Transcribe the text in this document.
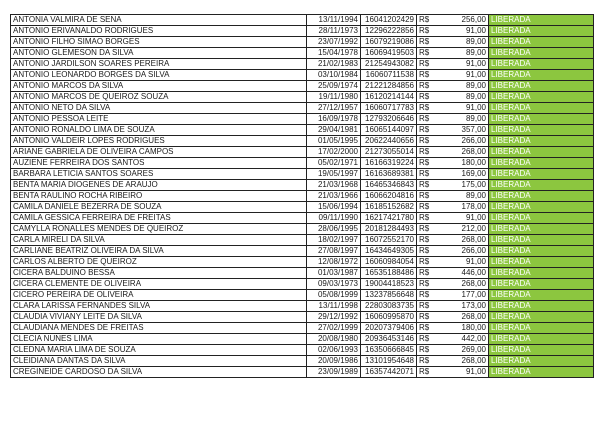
ANTONIA VALMIRA DE SENA	13/11/1994	16041202429	R$	256,00	LIBERADA
ANTONIO ERIVANALDO RODRIGUES	28/11/1973	12296222856	R$	91,00	LIBERADA
ANTONIO FILHO SIMAO BORGES	23/07/1992	16079219086	R$	89,00	LIBERADA
ANTONIO GLEMESON DA SILVA	15/04/1978	16069419503	R$	89,00	LIBERADA
ANTONIO JARDILSON SOARES PEREIRA	21/02/1983	21254943082	R$	91,00	LIBERADA
ANTONIO LEONARDO BORGES DA SILVA	03/10/1984	16060711538	R$	91,00	LIBERADA
ANTONIO MARCOS DA SILVA	25/09/1974	21221284856	R$	89,00	LIBERADA
ANTONIO MARCOS DE QUEIROZ SOUZA	19/11/1980	16120214144	R$	89,00	LIBERADA
ANTONIO NETO DA SILVA	27/12/1957	16060717783	R$	91,00	LIBERADA
ANTONIO PESSOA LEITE	16/09/1978	12793206646	R$	89,00	LIBERADA
ANTONIO RONALDO LIMA DE SOUZA	29/04/1981	16065144097	R$	357,00	LIBERADA
ANTONIO VALDEIR LOPES RODRIGUES	01/05/1995	20622440656	R$	266,00	LIBERADA
ARIANE GABRIELA DE OLIVEIRA CAMPOS	17/02/2000	21273055014	R$	268,00	LIBERADA
AUZIENE FERREIRA DOS SANTOS	05/02/1971	16166319224	R$	180,00	LIBERADA
BARBARA LETICIA SANTOS SOARES	19/05/1997	16163689381	R$	169,00	LIBERADA
BENTA MARIA DIOGENES DE ARAUJO	21/03/1968	16465346843	R$	175,00	LIBERADA
BENTA RAULINO ROCHA RIBEIRO	21/03/1966	16066204816	R$	89,00	LIBERADA
CAMILA DANIELE BEZERRA DE SOUZA	15/06/1994	16185152682	R$	178,00	LIBERADA
CAMILA GESSICA FERREIRA DE FREITAS	09/11/1990	16217421780	R$	91,00	LIBERADA
CAMYLLA RONALLES MENDES DE QUEIROZ	28/06/1995	20181284493	R$	212,00	LIBERADA
CARLA MIRELI DA SILVA	18/02/1997	16072552170	R$	268,00	LIBERADA
CARLIANE BEATRIZ OLIVEIRA DA SILVA	27/08/1997	16434649305	R$	266,00	LIBERADA
CARLOS ALBERTO DE QUEIROZ	12/08/1972	16060984054	R$	91,00	LIBERADA
CICERA BALDUINO BESSA	01/03/1987	16535188486	R$	446,00	LIBERADA
CICERA CLEMENTE DE OLIVEIRA	09/03/1973	19004418523	R$	268,00	LIBERADA
CICERO PEREIRA DE OLIVEIRA	05/08/1999	13237856648	R$	177,00	LIBERADA
CLARA LARISSA FERNANDES SILVA	13/11/1998	22803083735	R$	173,00	LIBERADA
CLAUDIA VIVIANY LEITE DA SILVA	29/12/1992	16060995870	R$	268,00	LIBERADA
CLAUDIANA MENDES DE FREITAS	27/02/1999	20207379406	R$	180,00	LIBERADA
CLECIA NUNES LIMA	20/08/1980	20936453146	R$	442,00	LIBERADA
CLEDNA MARIA LIMA DE SOUZA	02/06/1993	16350666845	R$	269,00	LIBERADA
CLEIDIANA DANTAS DA SILVA	20/09/1986	13101954648	R$	268,00	LIBERADA
CREGINEIDE CARDOSO DA SILVA	23/09/1989	16357442071	R$	91,00	LIBERADA
